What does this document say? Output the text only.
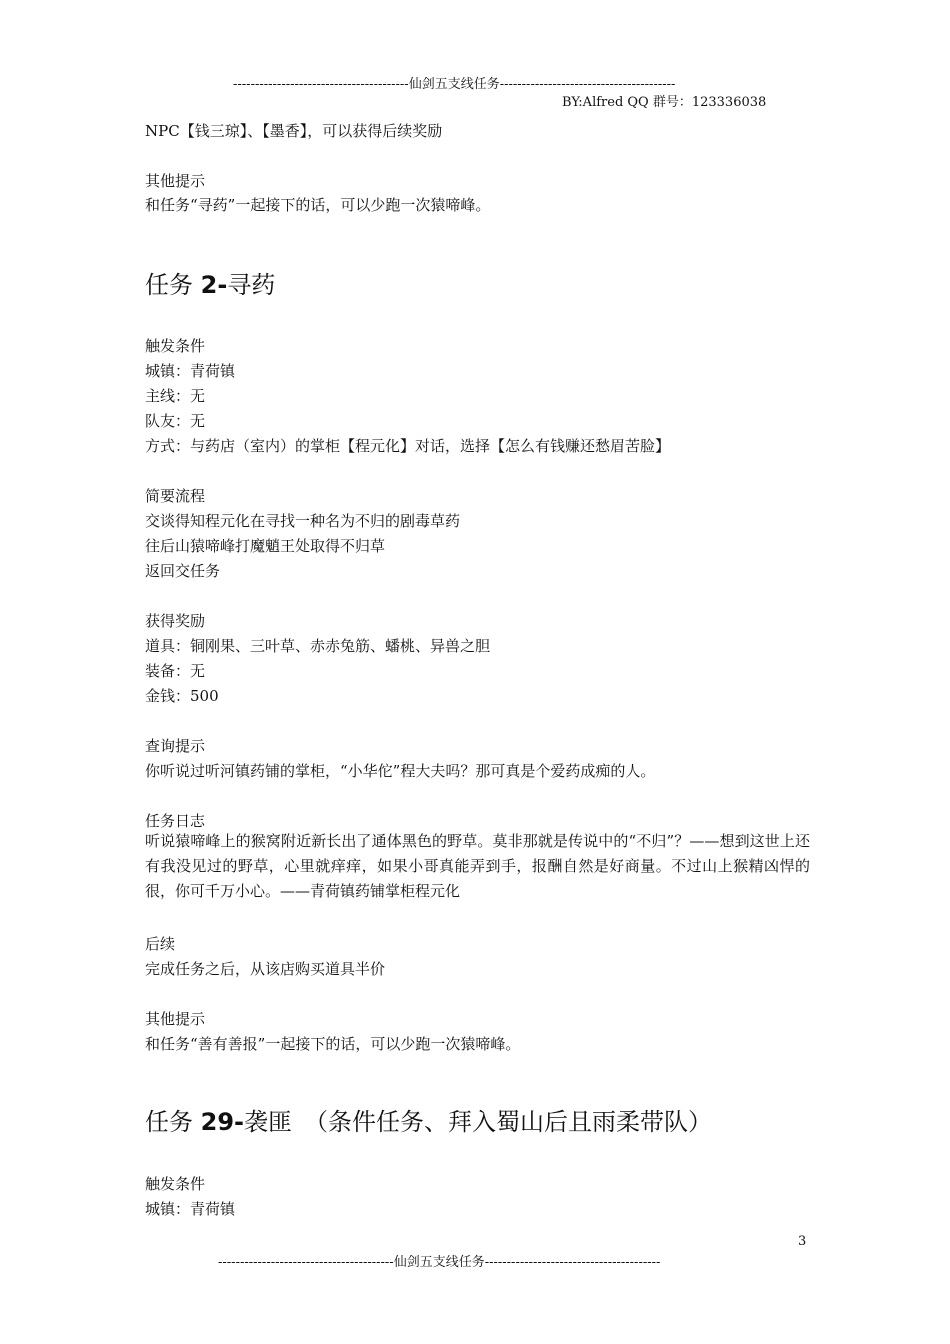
----------------------------------------仙剑五支线任务----------------------------------------
BY:Alfred QQ 群号：123336038
NPC【钱三琼】、【墨香】，可以获得后续奖励
其他提示
和任务“寻药”一起接下的话，可以少跑一次猿啼峰。
任务 2-寻药
触发条件
城镇：青荷镇
主线：无
队友：无
方式：与药店（室内）的掌柜【程元化】对话，选择【怎么有钱赚还愁眉苦脸】
简要流程
交谈得知程元化在寻找一种名为不归的剧毒草药
往后山猿啼峰打魔魈王处取得不归草
返回交任务
获得奖励
道具：铜刚果、三叶草、赤赤兔筋、蟠桃、异兽之胆
装备：无
金钱：500
查询提示
你听说过听河镇药铺的掌柜，“小华佗”程大夫吗？那可真是个爱药成痴的人。
任务日志
听说猿啼峰上的猴窝附近新长出了通体黑色的野草。莫非那就是传说中的“不归”？——想到这世上还有我没见过的野草，心里就痒痒，如果小哥真能弄到手，报酬自然是好商量。不过山上猴精凶悍的很，你可千万小心。——青荷镇药铺掌柜程元化
后续
完成任务之后，从该店购买道具半价
其他提示
和任务“善有善报”一起接下的话，可以少跑一次猿啼峰。
任务 29-袭匪　（条件任务、拜入蜀山后且雨柔带队）
触发条件
城镇：青荷镇
3
----------------------------------------仙剑五支线任务----------------------------------------
